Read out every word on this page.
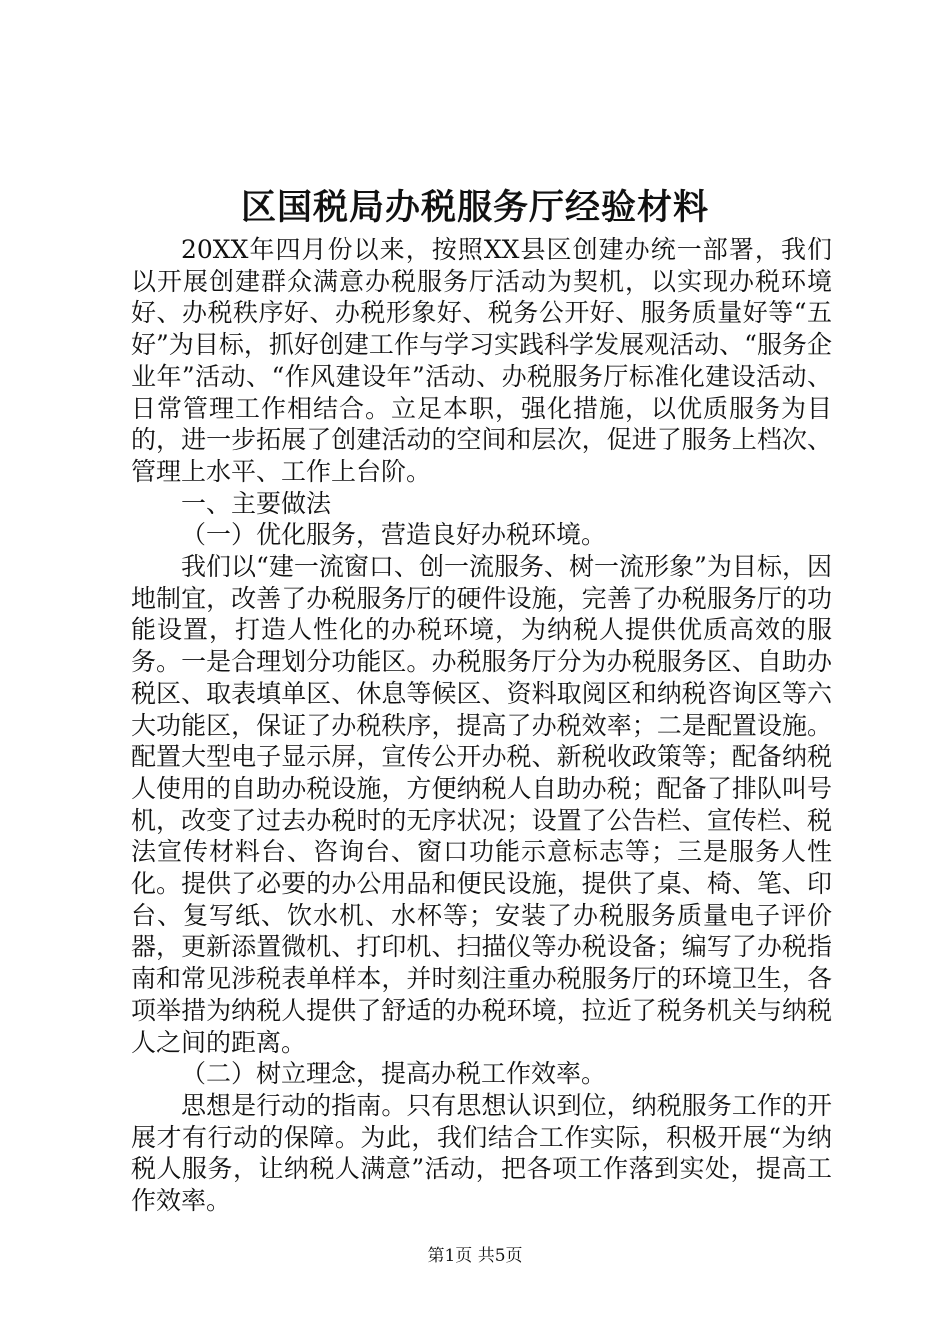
区国税局办税服务厅经验材料

20XX年四月份以来，按照XX县区创建办统一部署，我们以开展创建群众满意办税服务厅活动为契机，以实现办税环境好、办税秩序好、办税形象好、税务公开好、服务质量好等“五好”为目标，抓好创建工作与学习实践科学发展观活动、“服务企业年”活动、“作风建设年”活动、办税服务厅标准化建设活动、日常管理工作相结合。立足本职，强化措施，以优质服务为目的，进一步拓展了创建活动的空间和层次，促进了服务上档次、管理上水平、工作上台阶。

一、主要做法

（一）优化服务，营造良好办税环境。

我们以“建一流窗口、创一流服务、树一流形象”为目标，因地制宜，改善了办税服务厅的硬件设施，完善了办税服务厅的功能设置，打造人性化的办税环境，为纳税人提供优质高效的服务。一是合理划分功能区。办税服务厅分为办税服务区、自助办税区、取表填单区、休息等候区、资料取阅区和纳税咨询区等六大功能区，保证了办税秩序，提高了办税效率；二是配置设施。配置大型电子显示屏，宣传公开办税、新税收政策等；配备纳税人使用的自助办税设施，方便纳税人自助办税；配备了排队叫号机，改变了过去办税时的无序状况；设置了公告栏、宣传栏、税法宣传材料台、咨询台、窗口功能示意标志等；三是服务人性化。提供了必要的办公用品和便民设施，提供了桌、椅、笔、印台、复写纸、饮水机、水杯等；安装了办税服务质量电子评价器，更新添置微机、打印机、扫描仪等办税设备；编写了办税指南和常见涉税表单样本，并时刻注重办税服务厅的环境卫生，各项举措为纳税人提供了舒适的办税环境，拉近了税务机关与纳税人之间的距离。

（二）树立理念，提高办税工作效率。

思想是行动的指南。只有思想认识到位，纳税服务工作的开展才有行动的保障。为此，我们结合工作实际，积极开展“为纳税人服务，让纳税人满意”活动，把各项工作落到实处，提高工作效率。

第1页 共5页
